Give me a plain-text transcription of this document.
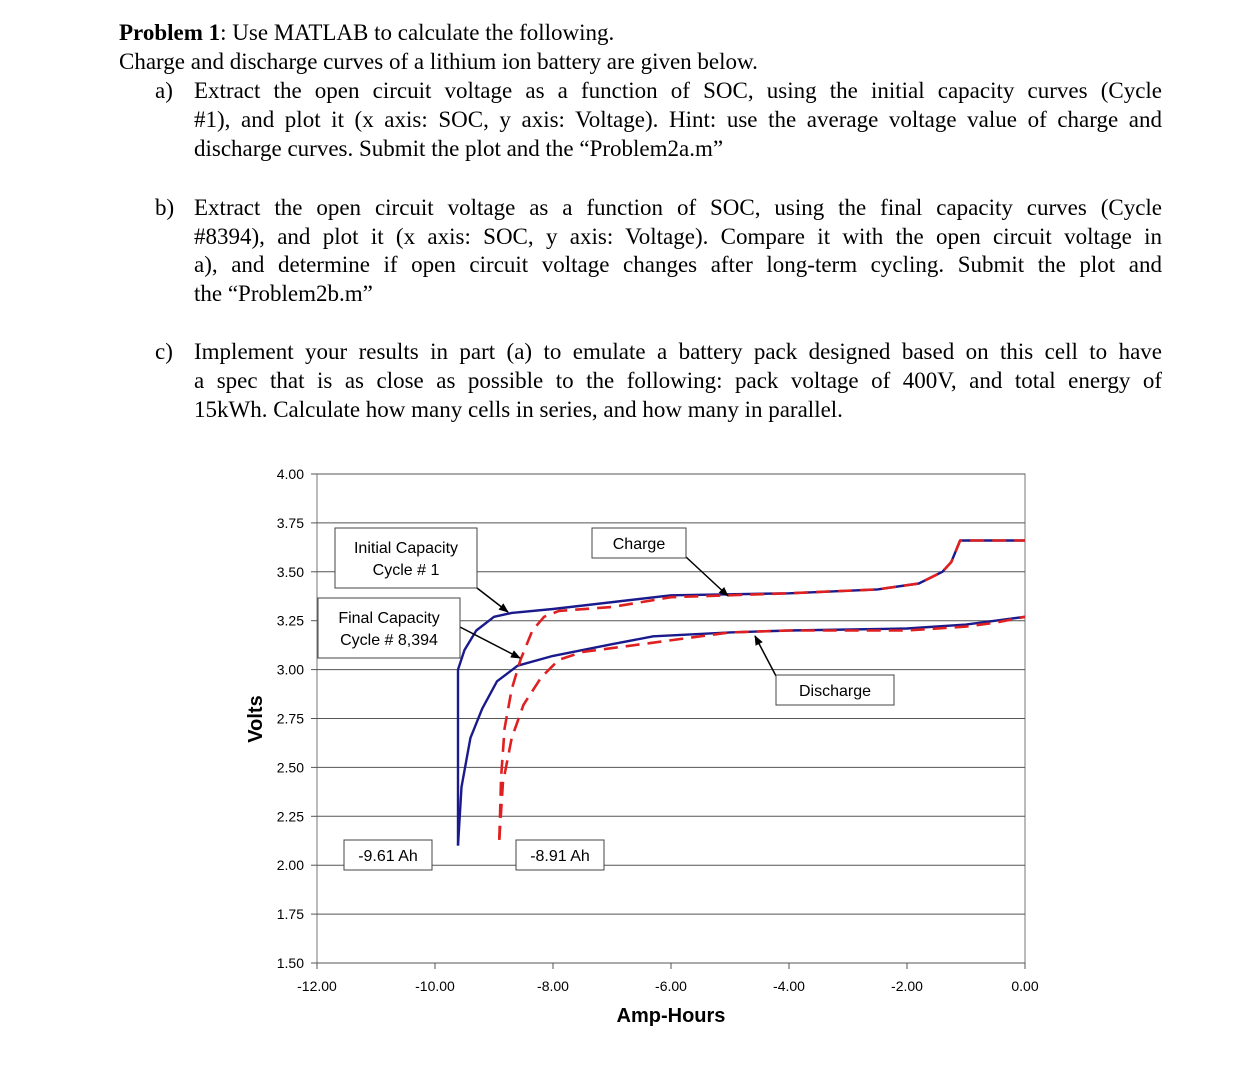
Problem 1: Use MATLAB to calculate the following.
Charge and discharge curves of a lithium ion battery are given below.
a) Extract the open circuit voltage as a function of SOC, using the initial capacity curves (Cycle
#1), and plot it (x axis: SOC, y axis: Voltage). Hint: use the average voltage value of charge and
discharge curves. Submit the plot and the “Problem2a.m”
b) Extract the open circuit voltage as a function of SOC, using the final capacity curves (Cycle
#8394), and plot it (x axis: SOC, y axis: Voltage). Compare it with the open circuit voltage in
a), and determine if open circuit voltage changes after long-term cycling. Submit the plot and
the “Problem2b.m”
c) Implement your results in part (a) to emulate a battery pack designed based on this cell to have
a spec that is as close as possible to the following: pack voltage of 400V, and total energy of
15kWh. Calculate how many cells in series, and how many in parallel.
Initial Capacity
Cycle # 1
Final Capacity
Cycle # 8,394
Charge
Discharge
-9.61 Ah	-8.91 Ah
4.00
3.75
3.50
3.25
3.00
2.75
2.50
2.25
2.00
1.75
1.50
-12.00	-10.00	-8.00	-6.00	-4.00	-2.00	0.00
Amp-Hours
Volts
